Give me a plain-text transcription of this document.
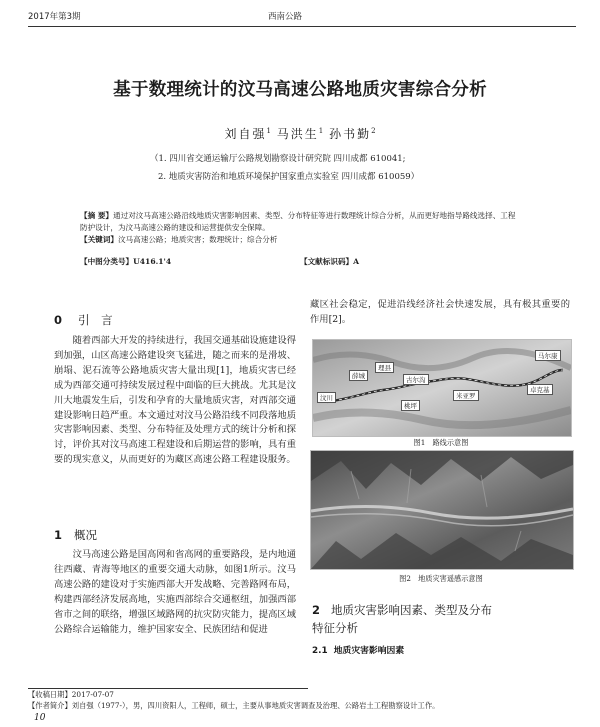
2017年第3期	西南公路
基于数理统计的汶马高速公路地质灾害综合分析
刘自强$^1$ 马洪生$^1$ 孙书勤$^2$
（1. 四川省交通运输厅公路规划勘察设计研究院 四川成都 610041;
2. 地质灾害防治和地质环境保护国家重点实验室 四川成都 610059）
【摘 要】通过对汶马高速公路沿线地质灾害影响因素、类型、分布特征等进行数理统计综合分析，从而更好地指导路线选择、工程防护设计，为汶马高速公路的建设和运营提供安全保障。
【关键词】汶马高速公路；地质灾害；数理统计；综合分析
【中图分类号】U416.1'4	【文献标识码】A
0 引 言
随着西部大开发的持续进行，我国交通基础设施建设得到加强，山区高速公路建设突飞猛进，随之而来的是滑坡、崩塌、泥石流等公路地质灾害大量出现[1]，地质灾害已经成为西部交通可持续发展过程中面临的巨大挑战。尤其是汶川大地震发生后，引发和孕育的大量地质灾害，对西部交通建设影响日趋严重。本文通过对汶马公路沿线不同段落地质灾害影响因素、类型、分布特征及处理方式的统计分析和探讨，评价其对汶马高速工程建设和后期运营的影响，具有重要的现实意义，从而更好的为藏区高速公路工程建设服务。
1 概况
汶马高速公路是国高网和省高网的重要路段，是内地通往西藏、青海等地区的重要交通大动脉，如图1所示。汶马高速公路的建设对于实施西部大开发战略、完善路网布局，构建西部经济发展高地，实施西部综合交通枢纽，加强西部省市之间的联络，增强区域路网的抗灾防灾能力，提高区域公路综合运输能力，维护国家安全、民族团结和促进
藏区社会稳定，促进沿线经济社会快速发展，具有极其重要的作用[2]。
汶川
薛城
理县
古尔沟
米亚罗
桃坪
马尔康
卓克基
图1　路线示意图
图2　地质灾害遥感示意图
2 地质灾害影响因素、类型及分布
特征分析
2.1 地质灾害影响因素
【收稿日期】2017-07-07
【作者简介】刘自强（1977-），男，四川资阳人，工程师，硕士，主要从事地质灾害调查及治理、公路岩土工程勘察设计工作。
10
